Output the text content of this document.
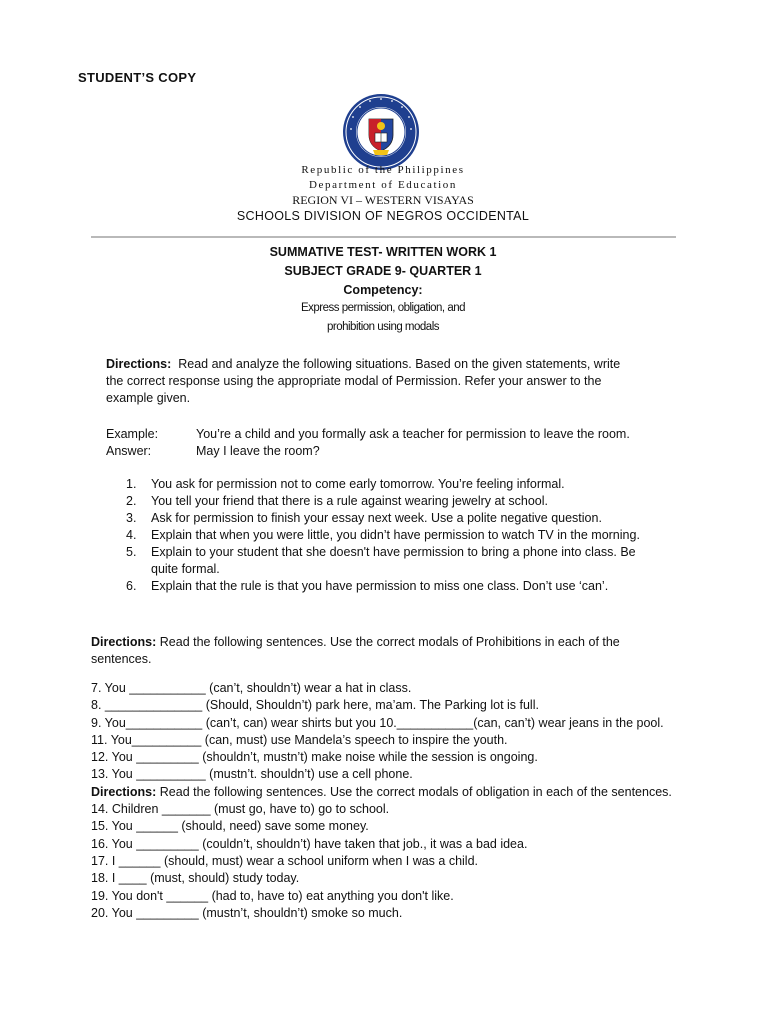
STUDENT’S COPY
Republic of the Philippines
Department of Education
REGION VI – WESTERN VISAYAS
SCHOOLS DIVISION OF NEGROS OCCIDENTAL
SUMMATIVE TEST- WRITTEN WORK 1
SUBJECT GRADE 9- QUARTER 1
Competency:
Express permission, obligation, and
prohibition using modals
Directions: Read and analyze the following situations. Based on the given statements, write the correct response using the appropriate modal of Permission. Refer your answer to the example given.
Example:	You’re a child and you formally ask a teacher for permission to leave the room.
Answer:	May I leave the room?
1. You ask for permission not to come early tomorrow. You’re feeling informal.
2. You tell your friend that there is a rule against wearing jewelry at school.
3. Ask for permission to finish your essay next week. Use a polite negative question.
4. Explain that when you were little, you didn’t have permission to watch TV in the morning.
5. Explain to your student that she doesn't have permission to bring a phone into class. Be quite formal.
6. Explain that the rule is that you have permission to miss one class. Don’t use ‘can’.
Directions: Read the following sentences. Use the correct modals of Prohibitions in each of the sentences.
7. You ___________ (can’t, shouldn’t) wear a hat in class.
8. ______________ (Should, Shouldn’t) park here, ma’am. The Parking lot is full.
9. You___________ (can’t, can) wear shirts but you 10.___________(can, can’t) wear jeans in the pool.
11. You__________ (can, must) use Mandela’s speech to inspire the youth.
12. You _________ (shouldn’t, mustn’t) make noise while the session is ongoing.
13. You __________ (mustn’t. shouldn’t) use a cell phone.
Directions: Read the following sentences. Use the correct modals of obligation in each of the sentences.
14. Children _______ (must go, have to) go to school.
15. You ______ (should, need) save some money.
16. You _________ (couldn’t, shouldn’t) have taken that job., it was a bad idea.
17. I ______ (should, must) wear a school uniform when I was a child.
18. I ____ (must, should) study today.
19. You don't ______ (had to, have to) eat anything you don't like.
20. You _________ (mustn’t, shouldn’t) smoke so much.
